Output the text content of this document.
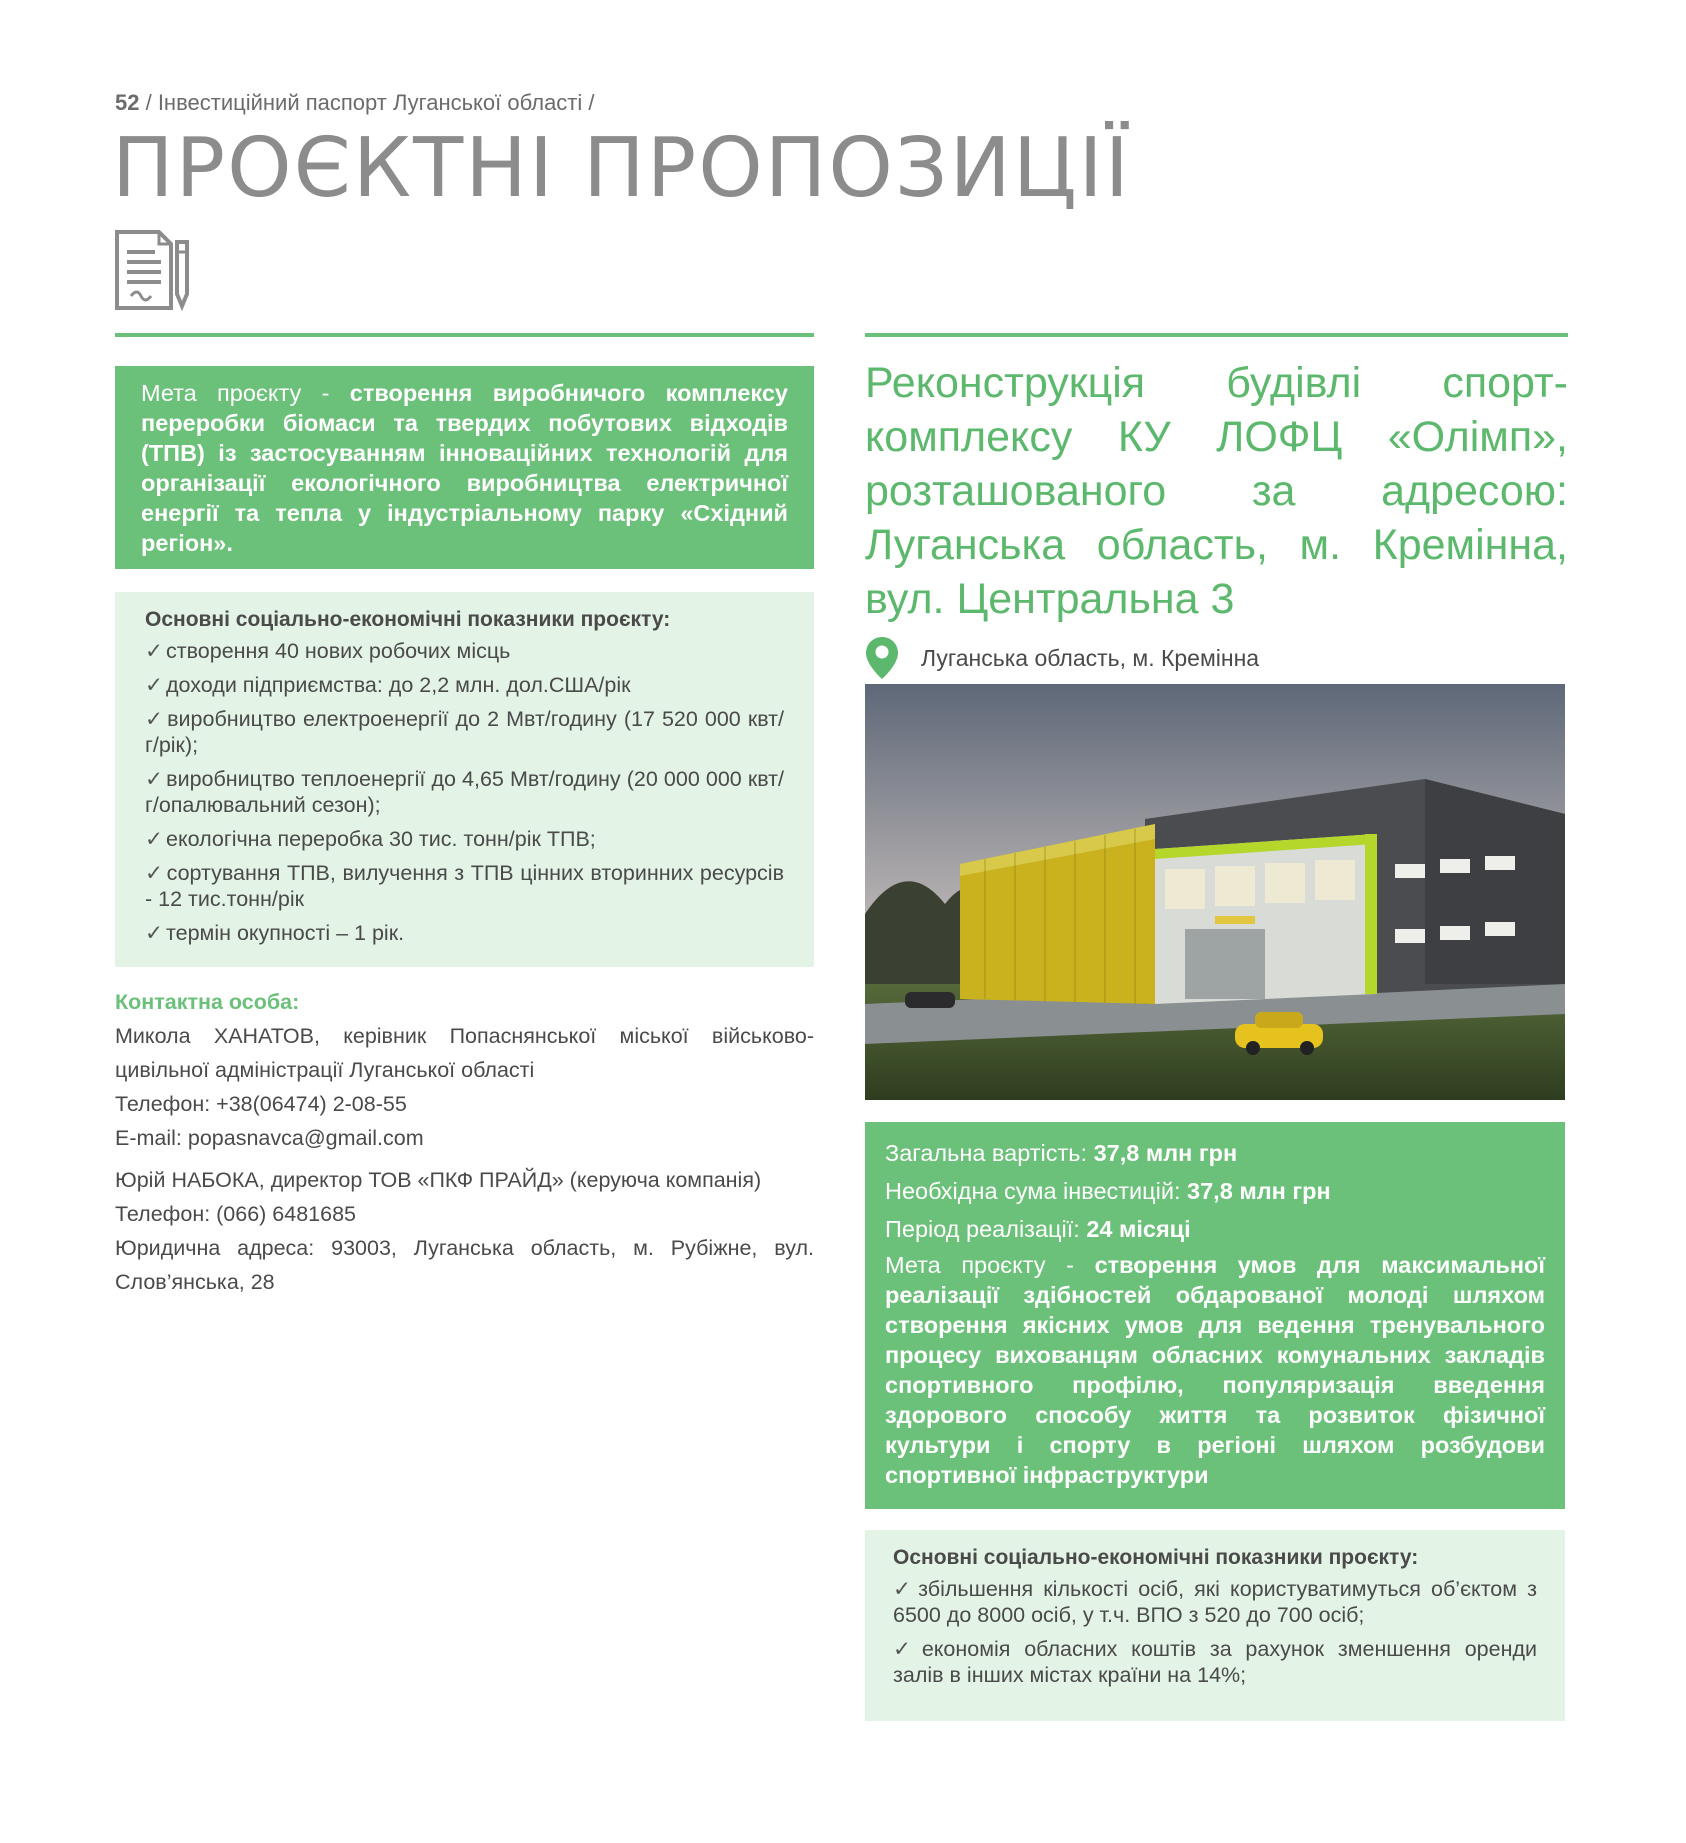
52 / Інвестиційний паспорт Луганської області /
ПРОЄКТНІ ПРОПОЗИЦІЇ
Мета проєкту - створення виробничого комплексу переробки біомаси та твердих побутових відходів (ТПВ) із застосуванням інноваційних технологій для організації екологічного виробництва електричної енергії та тепла у індустріальному парку «Східний регіон».
Основні соціально-економічні показники проєкту:
✓ створення 40 нових робочих місць
✓ доходи підприємства: до 2,2 млн. дол.США/рік
✓ виробництво електроенергії до 2 Мвт/годину (17 520 000 квт/г/рік);
✓ виробництво теплоенергії до 4,65 Мвт/годину (20 000 000 квт/г/опалювальний сезон);
✓ екологічна переробка 30 тис. тонн/рік ТПВ;
✓ сортування ТПВ, вилучення з ТПВ цінних вторинних ресурсів - 12 тис.тонн/рік
✓ термін окупності – 1 рік.

Контактна особа:

Микола ХАНАТОВ, керівник Попаснянської міської військово-цивільної адміністрації Луганської області

Телефон: +38(06474) 2-08-55

E-mail: popasnavca@gmail.com

Юрій НАБОКА, директор ТОВ «ПКФ ПРАЙД» (керуюча компанія)

Телефон: (066) 6481685

Юридична адреса: 93003, Луганська область, м. Рубіжне, вул. Слов’янська, 28

Реконструкція будівлі спорт-комплексу КУ ЛОФЦ «Олімп», розташованого за адресою: Луганська область, м. Кремінна, вул. Центральна 3
Луганська область, м. Кремінна
Загальна вартість: 37,8 млн грн
Необхідна сума інвестицій: 37,8 млн грн
Період реалізації: 24 місяці
Мета проєкту - створення умов для максимальної реалізації здібностей обдарованої молоді шляхом створення якісних умов для ведення тренувального процесу вихованцям обласних комунальних закладів спортивного профілю, популяризація введення здорового способу життя та розвиток фізичної культури і спорту в регіоні шляхом розбудови спортивної інфраструктури
Основні соціально-економічні показники проєкту:
✓ збільшення кількості осіб, які користуватимуться об’єктом з 6500 до 8000 осіб, у т.ч. ВПО з 520 до 700 осіб;
✓ економія обласних коштів за рахунок зменшення оренди залів в інших містах країни на 14%;
